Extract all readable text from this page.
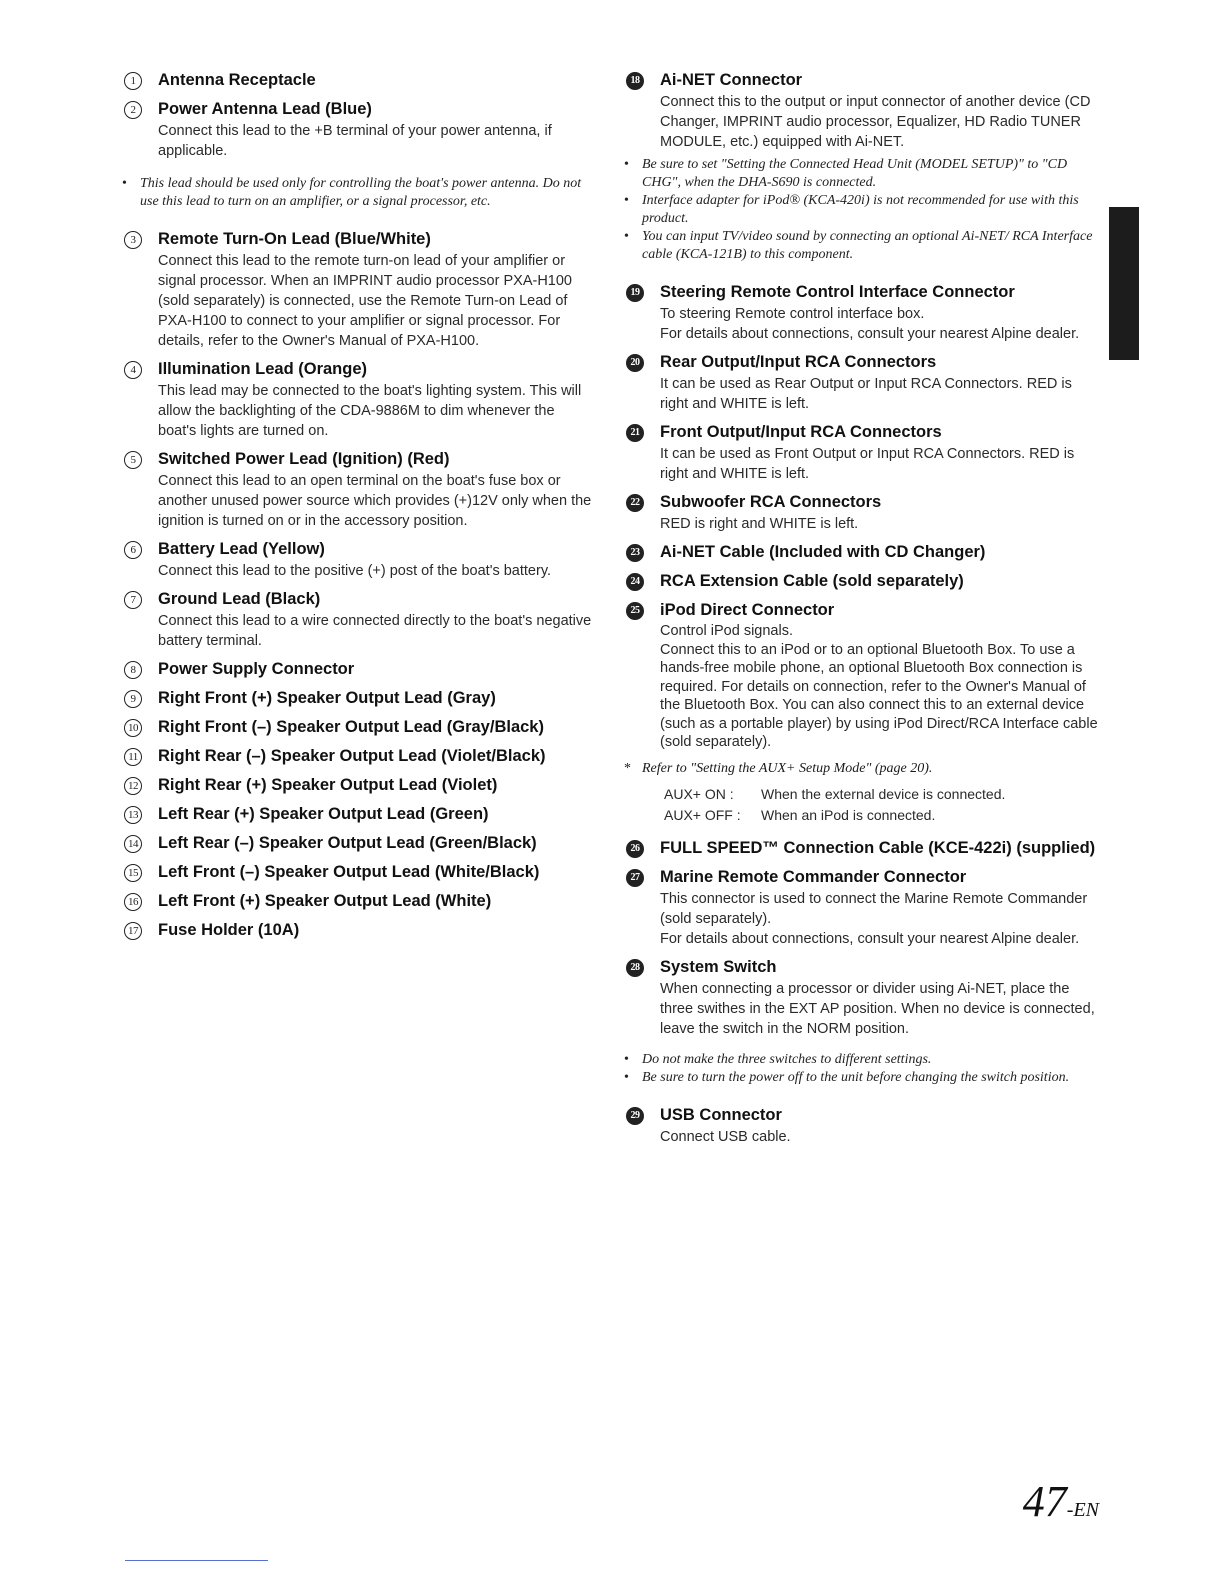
1	Antenna Receptacle
2	Power Antenna Lead (Blue)
Connect this lead to the +B terminal of your power antenna, if applicable.
• This lead should be used only for controlling the boat's power antenna. Do not use this lead to turn on an amplifier, or a signal processor, etc.
3	Remote Turn-On Lead (Blue/White)
Connect this lead to the remote turn-on lead of your amplifier or signal processor. When an IMPRINT audio processor PXA-H100 (sold separately) is connected, use the Remote Turn-on Lead of PXA-H100 to connect to your amplifier or signal processor. For details, refer to the Owner's Manual of PXA-H100.
4	Illumination Lead (Orange)
This lead may be connected to the boat's lighting system. This will allow the backlighting of the CDA-9886M to dim whenever the boat's lights are turned on.
5	Switched Power Lead (Ignition) (Red)
Connect this lead to an open terminal on the boat's fuse box or another unused power source which provides (+)12V only when the ignition is turned on or in the accessory position.
6	Battery Lead (Yellow)
Connect this lead to the positive (+) post of the boat's battery.
7	Ground Lead (Black)
Connect this lead to a wire connected directly to the boat's negative battery terminal.
8	Power Supply Connector
9	Right Front (+) Speaker Output Lead (Gray)
10 Right Front (–) Speaker Output Lead (Gray/Black)
11 Right Rear (–) Speaker Output Lead (Violet/Black)
12 Right Rear (+) Speaker Output Lead (Violet)
13 Left Rear (+) Speaker Output Lead (Green)
14 Left Rear (–) Speaker Output Lead (Green/Black)
15 Left Front (–) Speaker Output Lead (White/Black)
16 Left Front (+) Speaker Output Lead (White)
17 Fuse Holder (10A)
18 Ai-NET Connector
Connect this to the output or input connector of another device (CD Changer, IMPRINT audio processor, Equalizer, HD Radio TUNER MODULE, etc.) equipped with Ai-NET.
• Be sure to set "Setting the Connected Head Unit (MODEL SETUP)" to "CD CHG", when the DHA-S690 is connected.
• Interface adapter for iPod® (KCA-420i) is not recommended for use with this product.
• You can input TV/video sound by connecting an optional Ai-NET/ RCA Interface cable (KCA-121B) to this component.
19 Steering Remote Control Interface Connector
To steering Remote control interface box.
For details about connections, consult your nearest Alpine dealer.
20 Rear Output/Input RCA Connectors
It can be used as Rear Output or Input RCA Connectors. RED is right and WHITE is left.
21 Front Output/Input RCA Connectors
It can be used as Front Output or Input RCA Connectors. RED is right and WHITE is left.
22 Subwoofer RCA Connectors
RED is right and WHITE is left.
23 Ai-NET Cable (Included with CD Changer)
24 RCA Extension Cable (sold separately)
25 iPod Direct Connector
Control iPod signals.
Connect this to an iPod or to an optional Bluetooth Box. To use a hands-free mobile phone, an optional Bluetooth Box connection is required. For details on connection, refer to the Owner's Manual of the Bluetooth Box. You can also connect this to an external device (such as a portable player) by using iPod Direct/RCA Interface cable (sold separately).
* Refer to "Setting the AUX+ Setup Mode" (page 20).
AUX+ ON :	When the external device is connected.
AUX+ OFF :	When an iPod is connected.
26 FULL SPEED™ Connection Cable (KCE-422i) (supplied)
27 Marine Remote Commander Connector
This connector is used to connect the Marine Remote Commander (sold separately).
For details about connections, consult your nearest Alpine dealer.
28 System Switch
When connecting a processor or divider using Ai-NET, place the three swithes in the EXT AP position. When no device is connected, leave the switch in the NORM position.
• Do not make the three switches to different settings.
• Be sure to turn the power off to the unit before changing the switch position.
29 USB Connector
Connect USB cable.
47-EN
